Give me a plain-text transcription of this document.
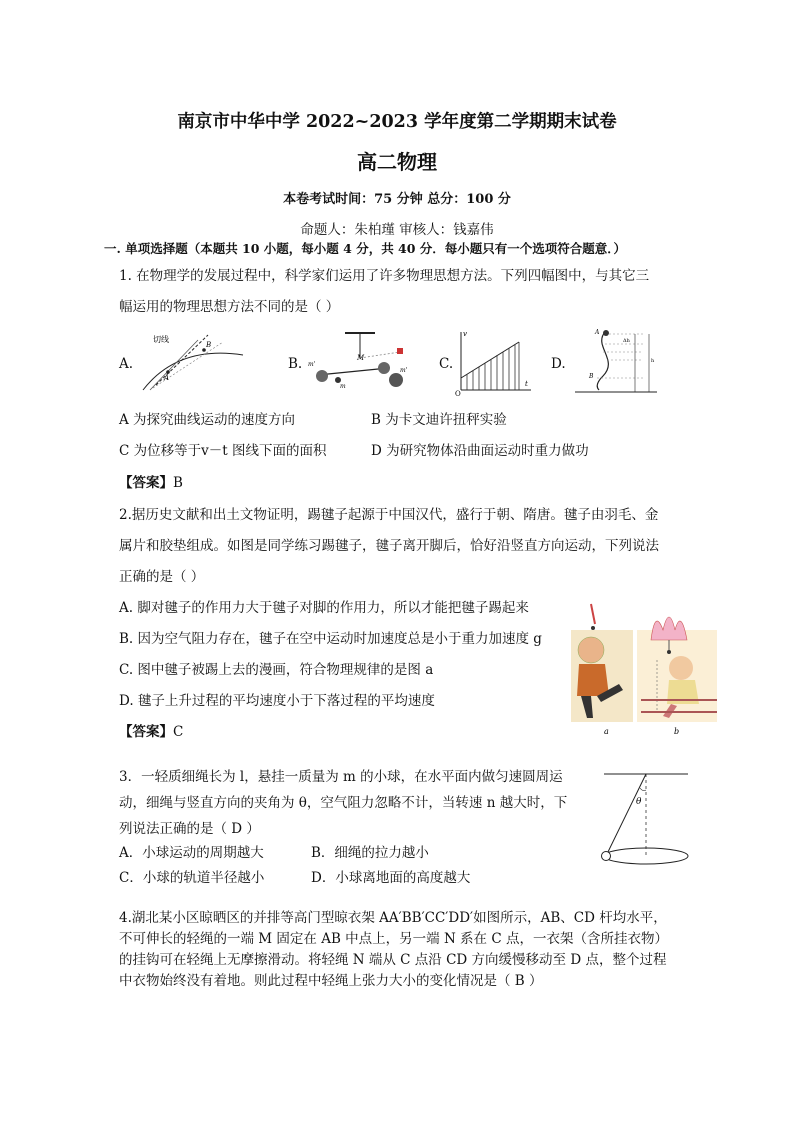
南京市中华中学 2022~2023 学年度第二学期期末试卷
高二物理
本卷考试时间：75 分钟 总分：100 分
命题人：朱柏瑾 审核人：钱嘉伟
一. 单项选择题（本题共 10 小题，每小题 4 分，共 40 分．每小题只有一个选项符合题意．）
1. 在物理学的发展过程中，科学家们运用了许多物理思想方法。下列四幅图中，与其它三
幅运用的物理思想方法不同的是（ ）
A.	B.	C.	D.
切线
A
B
M
m'
m'
m
v
t
O
A
B
Δh
h
A 为探究曲线运动的速度方向	B 为卡文迪许扭秤实验
C 为位移等于v－t 图线下面的面积	D 为研究物体沿曲面运动时重力做功
【答案】B
2.据历史文献和出土文物证明，踢毽子起源于中国汉代，盛行于朝、隋唐。毽子由羽毛、金
属片和胶垫组成。如图是同学练习踢毽子，毽子离开脚后，恰好沿竖直方向运动，下列说法
正确的是（ ）
A. 脚对毽子的作用力大于毽子对脚的作用力，所以才能把毽子踢起来
B. 因为空气阻力存在，毽子在空中运动时加速度总是小于重力加速度 g
C. 图中毽子被踢上去的漫画，符合物理规律的是图 a
D. 毽子上升过程的平均速度小于下落过程的平均速度
【答案】C	a	b
3．一轻质细绳长为 l，悬挂一质量为 m 的小球，在水平面内做匀速圆周运
动，细绳与竖直方向的夹角为 θ，空气阻力忽略不计，当转速 n 越大时，下
列说法正确的是（ D ）
A．小球运动的周期越大	B．细绳的拉力越小
C．小球的轨道半径越小	D．小球离地面的高度越大
θ
4.湖北某小区晾晒区的并排等高门型晾衣架 AA′BB′CC′DD′如图所示，AB、CD 杆均水平，
不可伸长的轻绳的一端 M 固定在 AB 中点上，另一端 N 系在 C 点，一衣架（含所挂衣物）
的挂钩可在轻绳上无摩擦滑动。将轻绳 N 端从 C 点沿 CD 方向缓慢移动至 D 点，整个过程
中衣物始终没有着地。则此过程中轻绳上张力大小的变化情况是（ B ）
